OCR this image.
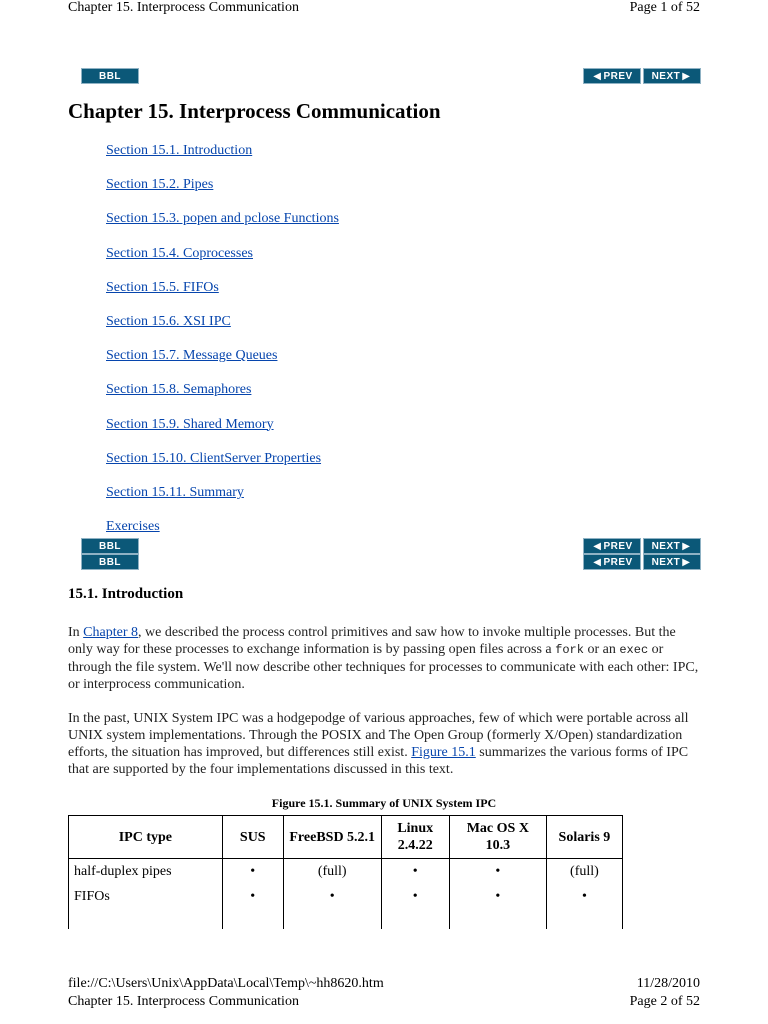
Chapter 15. Interprocess Communication	Page 1 of 52
BBL	◀ PREV NEXT ▶
Chapter 15. Interprocess Communication
Section 15.1. Introduction
Section 15.2. Pipes
Section 15.3. popen and pclose Functions
Section 15.4. Coprocesses
Section 15.5. FIFOs
Section 15.6. XSI IPC
Section 15.7. Message Queues
Section 15.8. Semaphores
Section 15.9. Shared Memory
Section 15.10. ClientServer Properties
Section 15.11. Summary
Exercises
BBL
BBL
◀ PREV NEXT ▶
◀ PREV NEXT ▶
15.1. Introduction

In Chapter 8, we described the process control primitives and saw how to invoke multiple processes. But the only way for these processes to exchange information is by passing open files across a fork or an exec or through the file system. We'll now describe other techniques for processes to communicate with each other: IPC, or interprocess communication.

In the past, UNIX System IPC was a hodgepodge of various approaches, few of which were portable across all UNIX system implementations. Through the POSIX and The Open Group (formerly X/Open) standardization efforts, the situation has improved, but differences still exist. Figure 15.1 summarizes the various forms of IPC that are supported by the four implementations discussed in this text.

Figure 15.1. Summary of UNIX System IPC
IPC type	SUS	FreeBSD 5.2.1	Linux 2.4.22	Mac OS X 10.3	Solaris 9
half-duplex pipes	•	(full)	•	•	(full)
FIFOs	•	•	•	•	•

file://C:\Users\Unix\AppData\Local\Temp\~hh8620.htm	11/28/2010
Chapter 15. Interprocess Communication	Page 2 of 52
